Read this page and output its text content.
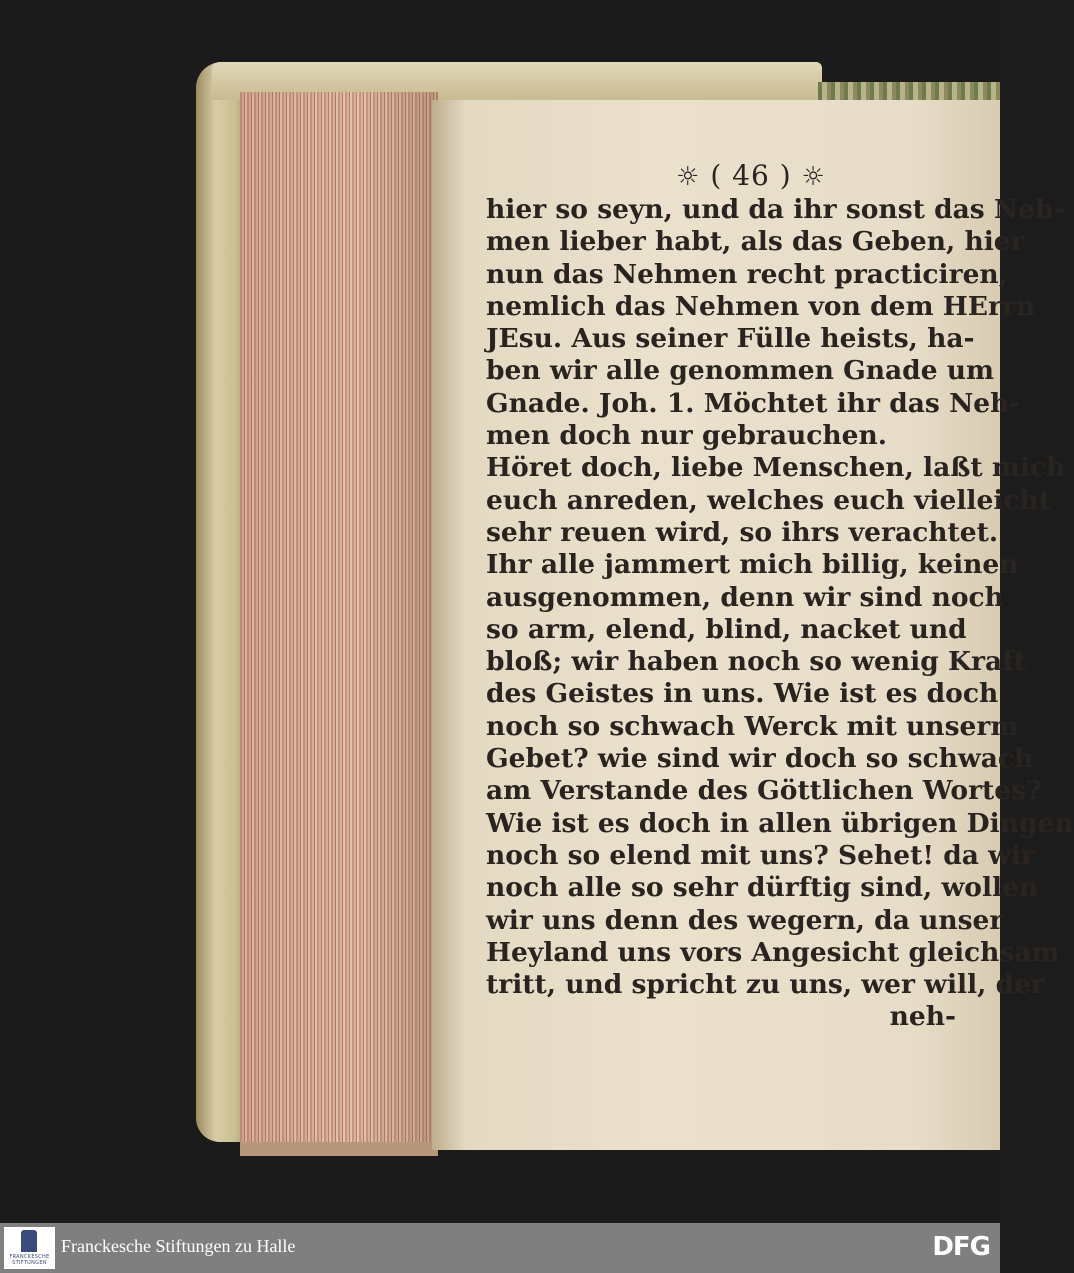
☼ ( 46 ) ☼
hier so seyn, und da ihr sonst das Neh-
men lieber habt, als das Geben, hier
nun das Nehmen recht practiciren,
nemlich das Nehmen von dem HErrn
JEsu. Aus seiner Fülle heists, ha-
ben wir alle genommen Gnade um
Gnade. Joh. 1. Möchtet ihr das Neh-
men doch nur gebrauchen.
Höret doch, liebe Menschen, laßt mich
euch anreden, welches euch vielleicht
sehr reuen wird, so ihrs verachtet.
Ihr alle jammert mich billig, keinen
ausgenommen, denn wir sind noch
so arm, elend, blind, nacket und
bloß; wir haben noch so wenig Kraft
des Geistes in uns. Wie ist es doch
noch so schwach Werck mit unserm
Gebet? wie sind wir doch so schwach
am Verstande des Göttlichen Wortes?
Wie ist es doch in allen übrigen Dingen
noch so elend mit uns? Sehet! da wir
noch alle so sehr dürftig sind, wollen
wir uns denn des wegern, da unser
Heyland uns vors Angesicht gleichsam
tritt, und spricht zu uns, wer will, der
neh-
FRANCKESCHE STIFTUNGEN
Franckesche Stiftungen zu Halle	DFG
